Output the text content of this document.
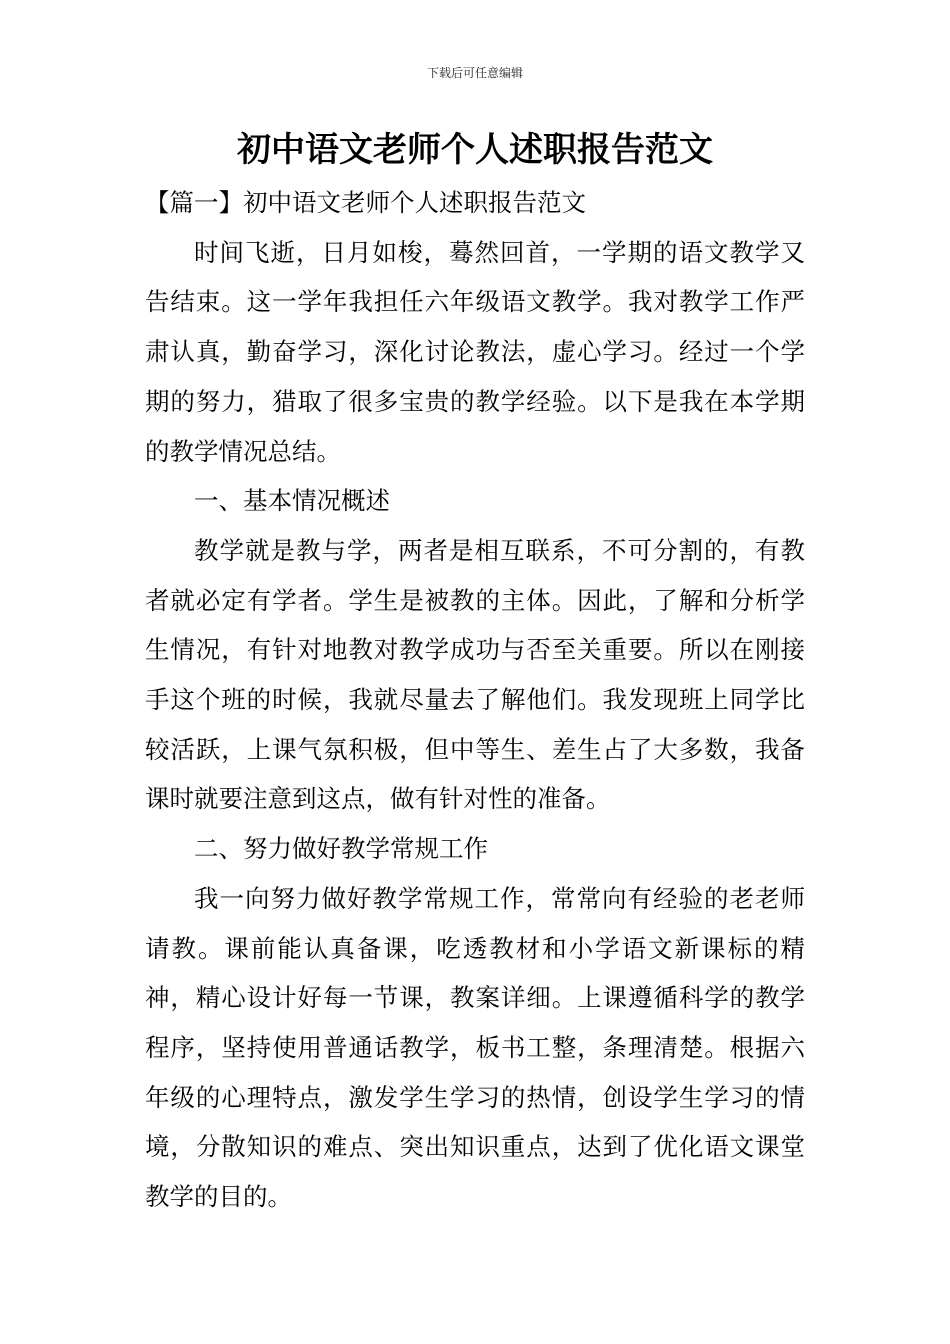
下载后可任意编辑
初中语文老师个人述职报告范文

【篇一】初中语文老师个人述职报告范文

时间飞逝，日月如梭，蓦然回首，一学期的语文教学又告结束。这一学年我担任六年级语文教学。我对教学工作严肃认真，勤奋学习，深化讨论教法，虚心学习。经过一个学期的努力，猎取了很多宝贵的教学经验。以下是我在本学期的教学情况总结。

一、基本情况概述

教学就是教与学，两者是相互联系，不可分割的，有教者就必定有学者。学生是被教的主体。因此，了解和分析学生情况，有针对地教对教学成功与否至关重要。所以在刚接手这个班的时候，我就尽量去了解他们。我发现班上同学比较活跃，上课气氛积极，但中等生、差生占了大多数，我备课时就要注意到这点，做有针对性的准备。

二、努力做好教学常规工作

我一向努力做好教学常规工作，常常向有经验的老老师请教。课前能认真备课，吃透教材和小学语文新课标的精神，精心设计好每一节课，教案详细。上课遵循科学的教学程序，坚持使用普通话教学，板书工整，条理清楚。根据六年级的心理特点，激发学生学习的热情，创设学生学习的情境，分散知识的难点、突出知识重点，达到了优化语文课堂教学的目的。
